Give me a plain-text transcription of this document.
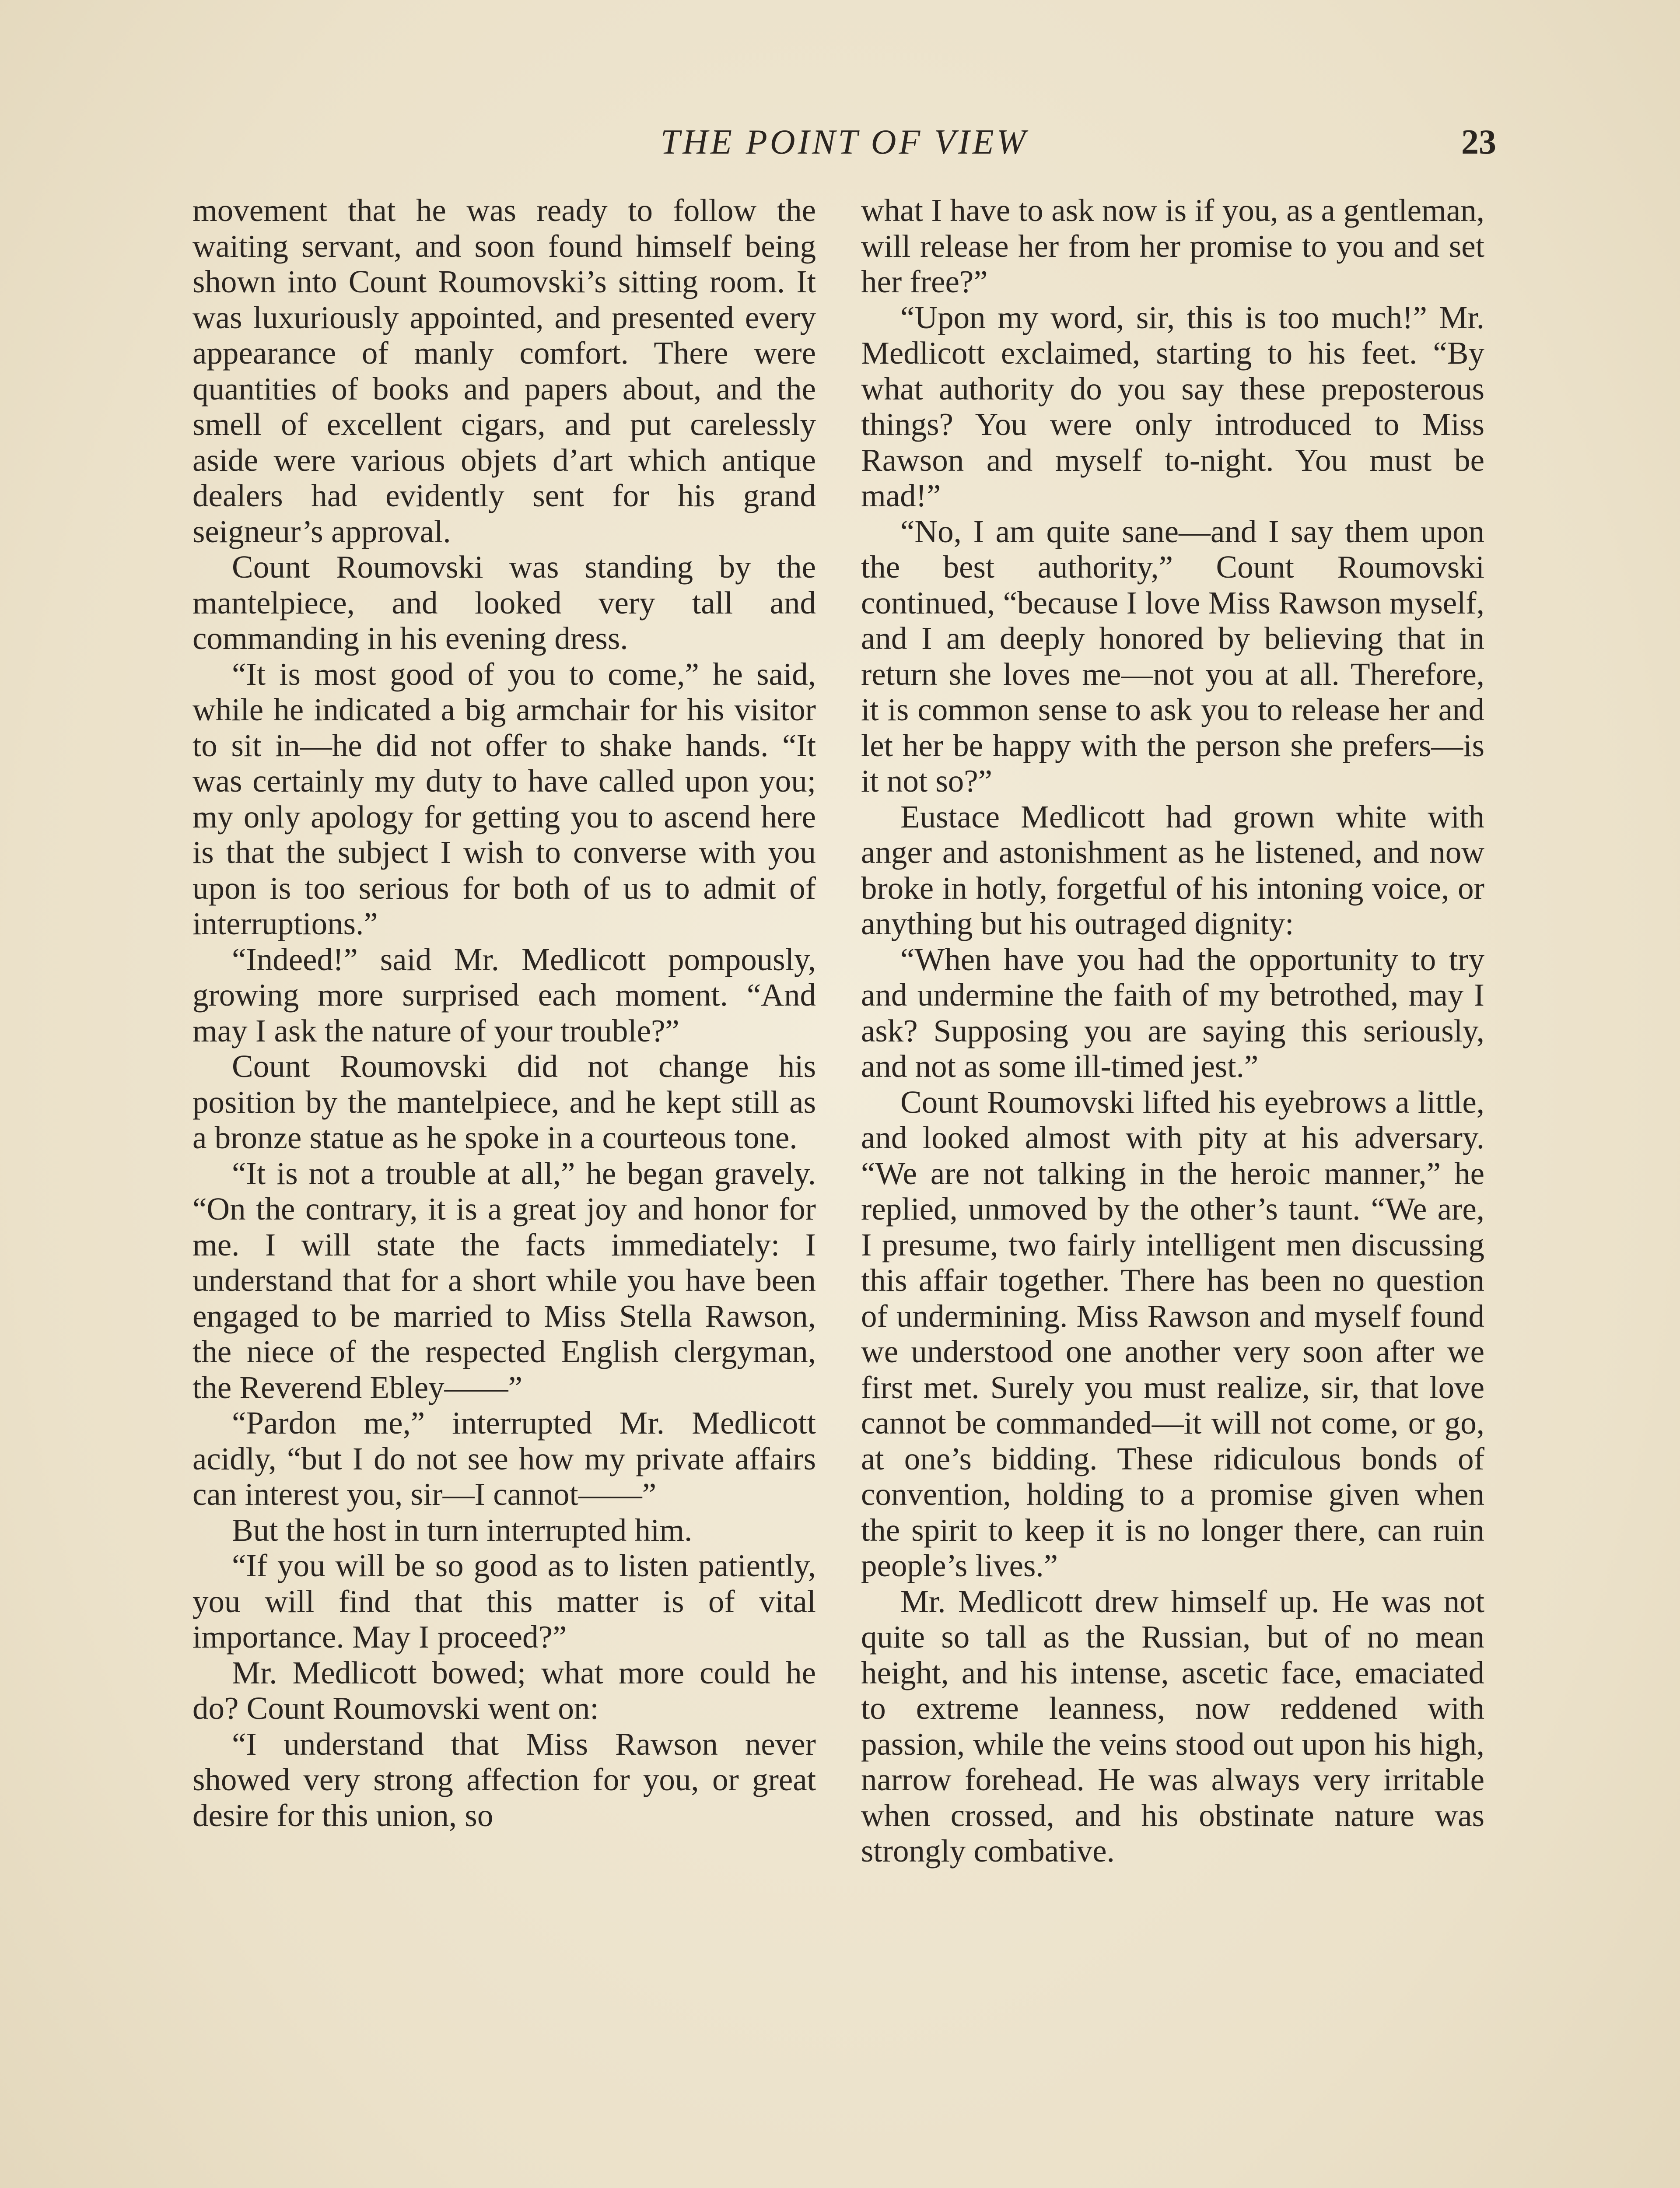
THE POINT OF VIEW	23

movement that he was ready to follow the waiting servant, and soon found himself being shown into Count Roumovski’s sitting room. It was luxuriously appointed, and presented every appearance of manly comfort. There were quantities of books and papers about, and the smell of excellent cigars, and put carelessly aside were various objets d’art which antique dealers had evidently sent for his grand seigneur’s approval.

Count Roumovski was standing by the mantelpiece, and looked very tall and commanding in his evening dress.

“It is most good of you to come,” he said, while he indicated a big armchair for his visitor to sit in—he did not offer to shake hands. “It was certainly my duty to have called upon you; my only apology for getting you to ascend here is that the subject I wish to converse with you upon is too serious for both of us to admit of interruptions.”

“Indeed!” said Mr. Medlicott pompously, growing more surprised each moment. “And may I ask the nature of your trouble?”

Count Roumovski did not change his position by the mantelpiece, and he kept still as a bronze statue as he spoke in a courteous tone.

“It is not a trouble at all,” he began gravely. “On the contrary, it is a great joy and honor for me. I will state the facts immediately: I understand that for a short while you have been engaged to be married to Miss Stella Rawson, the niece of the respected English clergyman, the Reverend Ebley——”

“Pardon me,” interrupted Mr. Medlicott acidly, “but I do not see how my private affairs can interest you, sir—I cannot——”

But the host in turn interrupted him.

“If you will be so good as to listen patiently, you will find that this matter is of vital importance. May I proceed?”

Mr. Medlicott bowed; what more could he do? Count Roumovski went on:

“I understand that Miss Rawson never showed very strong affection for you, or great desire for this union, so

what I have to ask now is if you, as a gentleman, will release her from her promise to you and set her free?”

“Upon my word, sir, this is too much!” Mr. Medlicott exclaimed, starting to his feet. “By what authority do you say these preposterous things? You were only introduced to Miss Rawson and myself to-night. You must be mad!”

“No, I am quite sane—and I say them upon the best authority,” Count Roumovski continued, “because I love Miss Rawson myself, and I am deeply honored by believing that in return she loves me—not you at all. Therefore, it is common sense to ask you to release her and let her be happy with the person she prefers—is it not so?”

Eustace Medlicott had grown white with anger and astonishment as he listened, and now broke in hotly, forgetful of his intoning voice, or anything but his outraged dignity:

“When have you had the opportunity to try and undermine the faith of my betrothed, may I ask? Supposing you are saying this seriously, and not as some ill-timed jest.”

Count Roumovski lifted his eyebrows a little, and looked almost with pity at his adversary. “We are not talking in the heroic manner,” he replied, unmoved by the other’s taunt. “We are, I presume, two fairly intelligent men discussing this affair together. There has been no question of undermining. Miss Rawson and myself found we understood one another very soon after we first met. Surely you must realize, sir, that love cannot be commanded—it will not come, or go, at one’s bidding. These ridiculous bonds of convention, holding to a promise given when the spirit to keep it is no longer there, can ruin people’s lives.”

Mr. Medlicott drew himself up. He was not quite so tall as the Russian, but of no mean height, and his intense, ascetic face, emaciated to extreme leanness, now reddened with passion, while the veins stood out upon his high, narrow forehead. He was always very irritable when crossed, and his obstinate nature was strongly combative.
